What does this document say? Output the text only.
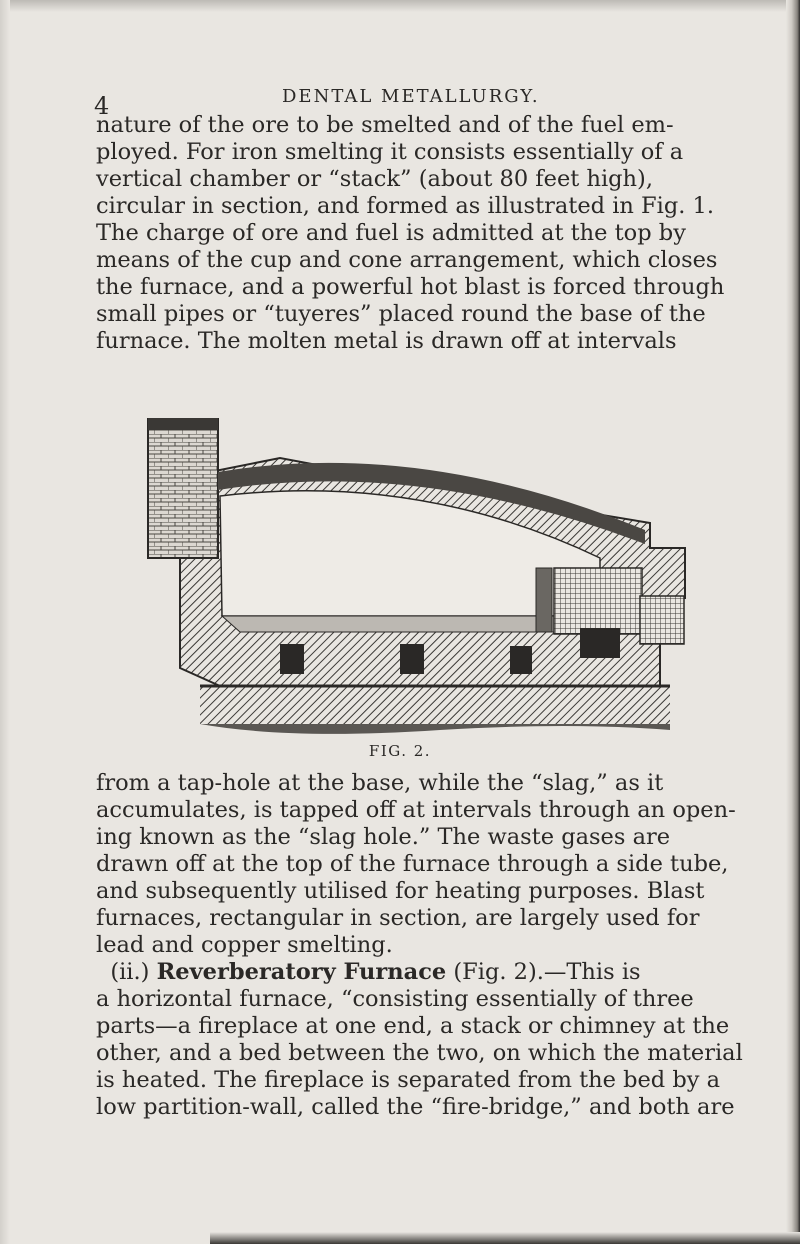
4	DENTAL METALLURGY.

nature of the ore to be smelted and of the fuel em-
ployed. For iron smelting it consists essentially of a
vertical chamber or “stack” (about 80 feet high),
circular in section, and formed as illustrated in Fig. 1.
The charge of ore and fuel is admitted at the top by
means of the cup and cone arrangement, which closes
the furnace, and a powerful hot blast is forced through
small pipes or “tuyeres” placed round the base of the
furnace. The molten metal is drawn off at intervals

FIG. 2.

from a tap-hole at the base, while the “slag,” as it
accumulates, is tapped off at intervals through an open-
ing known as the “slag hole.” The waste gases are
drawn off at the top of the furnace through a side tube,
and subsequently utilised for heating purposes. Blast
furnaces, rectangular in section, are largely used for
lead and copper smelting.
(ii.) Reverberatory Furnace (Fig. 2).—This is
a horizontal furnace, “consisting essentially of three
parts—a fireplace at one end, a stack or chimney at the
other, and a bed between the two, on which the material
is heated. The fireplace is separated from the bed by a
low partition-wall, called the “fire-bridge,” and both are
